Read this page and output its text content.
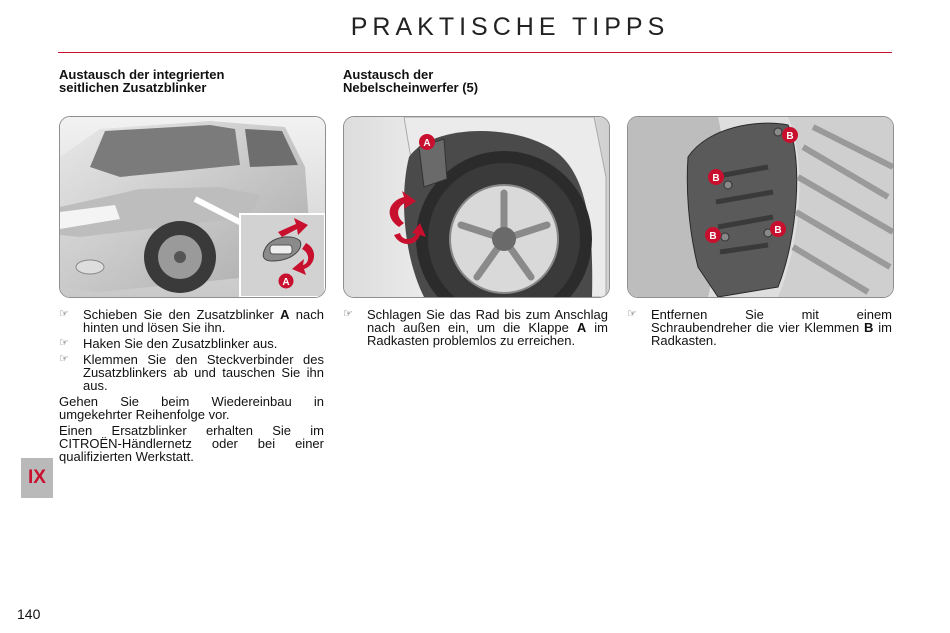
PRAKTISCHE TIPPS
Austausch der integrierten
seitlichen Zusatzblinker
A
☞ Schieben Sie den Zusatzblinker A nach hinten und lösen Sie ihn.
☞ Haken Sie den Zusatzblinker aus.
☞ Klemmen Sie den Steckverbinder des Zusatzblinkers ab und tauschen Sie ihn aus.

Gehen Sie beim Wiedereinbau in umgekehrter Reihenfolge vor.

Einen Ersatzblinker erhalten Sie im CITROËN-Händlernetz oder bei einer qualifizierten Werkstatt.

Austausch der
Nebelscheinwerfer (5)
A
☞ Schlagen Sie das Rad bis zum Anschlag nach außen ein, um die Klappe A im Radkasten problemlos zu erreichen.
B
B
B
B
☞ Entfernen Sie mit einem Schraubendreher die vier Klemmen B im Radkasten.
IX
140
